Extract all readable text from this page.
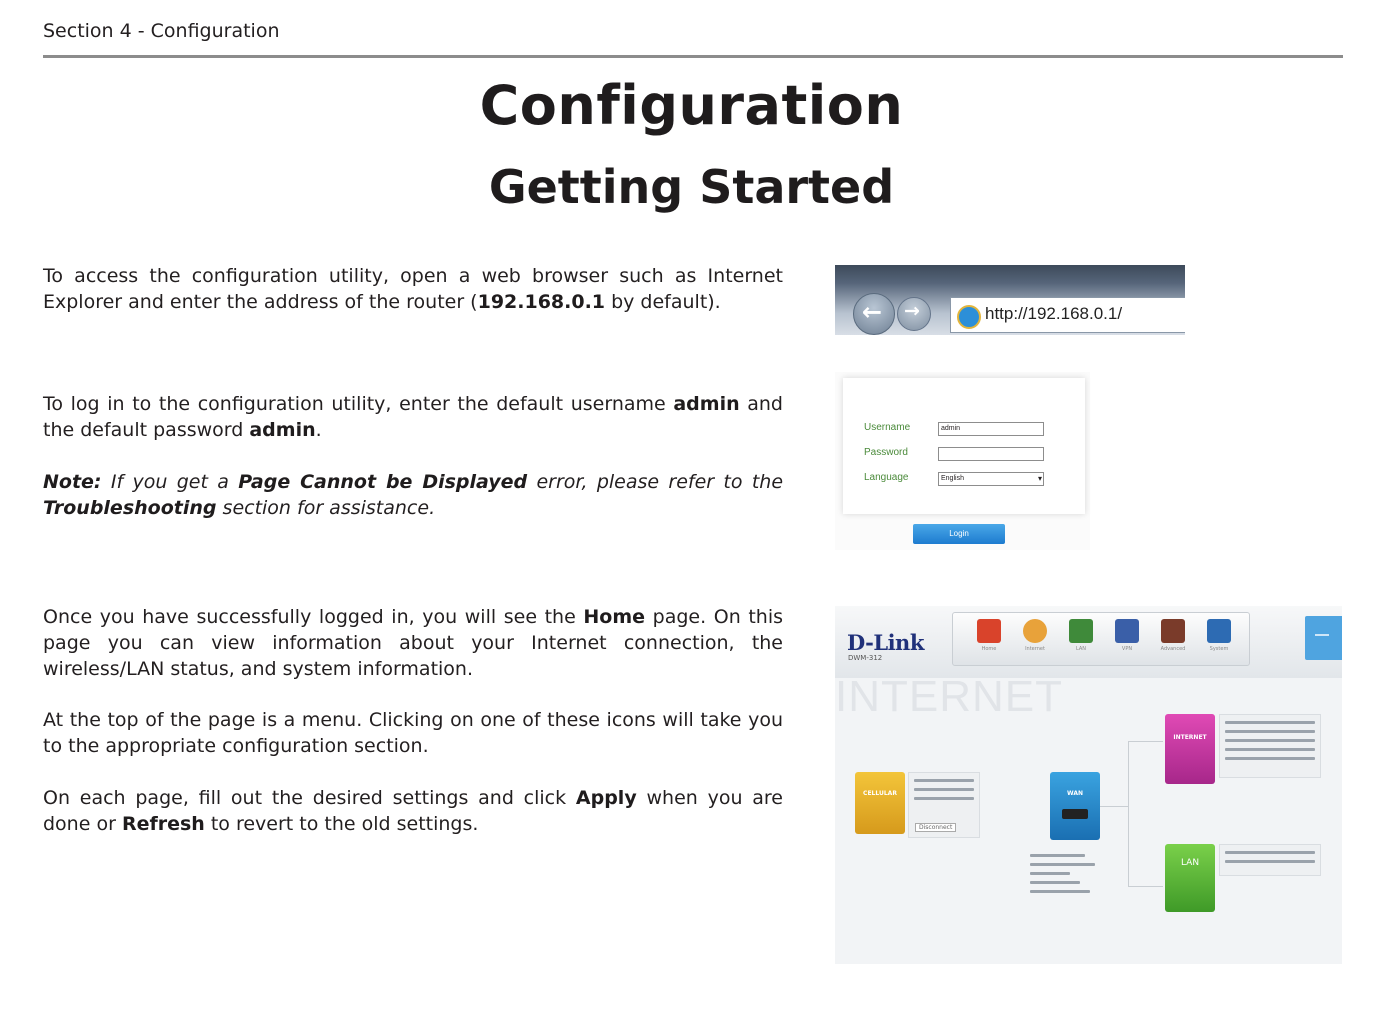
Section 4 - Configuration
Configuration
Getting Started
To access the configuration utility, open a web browser such as Internet Explorer and enter the address of the router (192.168.0.1 by default).
To log in to the configuration utility, enter the default username admin and the default password admin.
Note: If you get a Page Cannot be Displayed error, please refer to the Troubleshooting section for assistance.
Once you have successfully logged in, you will see the Home page. On this page you can view information about your Internet connection, the wireless/LAN status, and system information.
At the top of the page is a menu. Clicking on one of these icons will take you to the appropriate configuration section.
On each page, fill out the desired settings and click Apply when you are done or Refresh to revert to the old settings.
← →	http://192.168.0.1/
Username	admin
Password
Language	English ▾
Login
D-Link
DWM-312
Home	Internet	LAN	VPN	Advanced	System
INTERNET
CELLULAR
Disconnect
WAN
INTERNET
LAN
